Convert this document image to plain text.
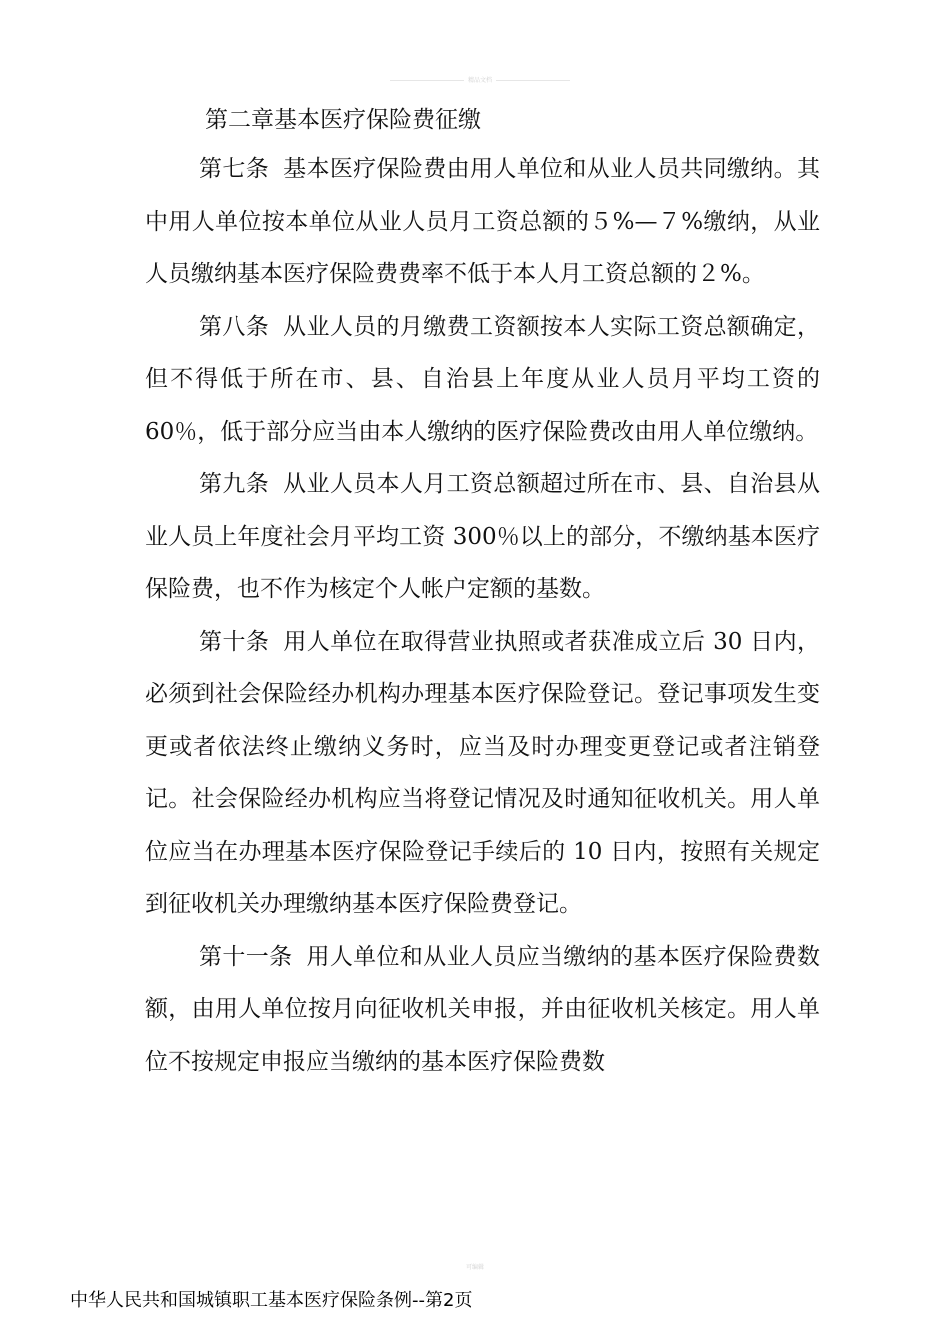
精品文档
第二章基本医疗保险费征缴

第七条 基本医疗保险费由用人单位和从业人员共同缴纳。其中用人单位按本单位从业人员月工资总额的５%—７%缴纳，从业人员缴纳基本医疗保险费费率不低于本人月工资总额的２%。

第八条 从业人员的月缴费工资额按本人实际工资总额确定，但不得低于所在市、县、自治县上年度从业人员月平均工资的60％，低于部分应当由本人缴纳的医疗保险费改由用人单位缴纳。

第九条 从业人员本人月工资总额超过所在市、县、自治县从业人员上年度社会月平均工资 300％以上的部分，不缴纳基本医疗保险费，也不作为核定个人帐户定额的基数。

第十条 用人单位在取得营业执照或者获准成立后 30 日内，必须到社会保险经办机构办理基本医疗保险登记。登记事项发生变更或者依法终止缴纳义务时，应当及时办理变更登记或者注销登记。社会保险经办机构应当将登记情况及时通知征收机关。用人单位应当在办理基本医疗保险登记手续后的 10 日内，按照有关规定到征收机关办理缴纳基本医疗保险费登记。

第十一条 用人单位和从业人员应当缴纳的基本医疗保险费数额，由用人单位按月向征收机关申报，并由征收机关核定。用人单位不按规定申报应当缴纳的基本医疗保险费数

可编辑
中华人民共和国城镇职工基本医疗保险条例--第2页
